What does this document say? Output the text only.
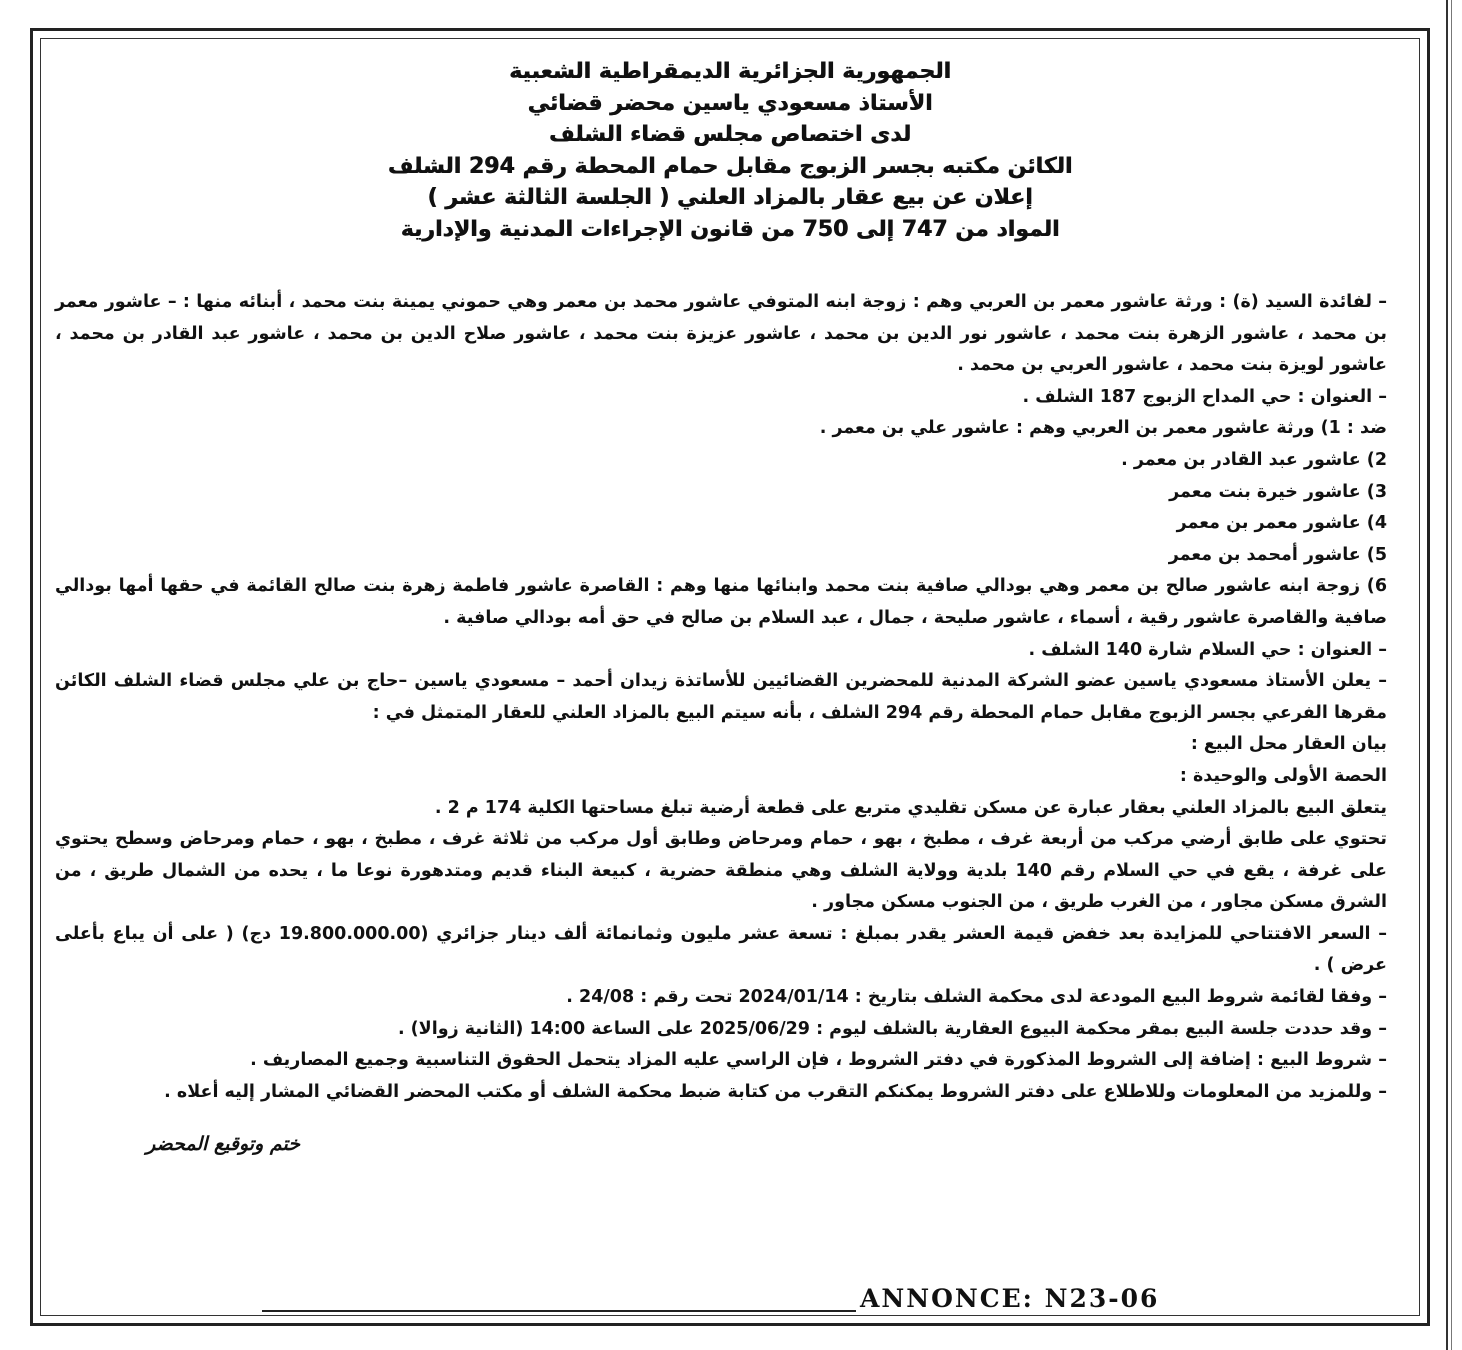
الجمهورية الجزائرية الديمقراطية الشعبية

الأستاذ مسعودي ياسين محضر قضائي

لدى اختصاص مجلس قضاء الشلف

الكائن مكتبه بجسر الزبوج مقابل حمام المحطة رقم 294 الشلف

إعلان عن بيع عقار بالمزاد العلني ( الجلسة الثالثة عشر )

المواد من 747 إلى 750 من قانون الإجراءات المدنية والإدارية

– لفائدة السيد (ة) : ورثة عاشور معمر بن العربي وهم : زوجة ابنه المتوفي عاشور محمد بن معمر وهي حموني يمينة بنت محمد ، أبنائه منها : – عاشور معمر بن محمد ، عاشور الزهرة بنت محمد ، عاشور نور الدين بن محمد ، عاشور عزيزة بنت محمد ، عاشور صلاح الدين بن محمد ، عاشور عبد القادر بن محمد ، عاشور لويزة بنت محمد ، عاشور العربي بن محمد .

– العنوان : حي المداح الزبوج 187 الشلف .

ضد : 1) ورثة عاشور معمر بن العربي وهم : عاشور علي بن معمر .

2) عاشور عبد القادر بن معمر .

3) عاشور خيرة بنت معمر

4) عاشور معمر بن معمر

5) عاشور أمحمد بن معمر

6) زوجة ابنه عاشور صالح بن معمر وهي بودالي صافية بنت محمد وابنائها منها وهم : القاصرة عاشور فاطمة زهرة بنت صالح القائمة في حقها أمها بودالي صافية والقاصرة عاشور رقية ، أسماء ، عاشور صليحة ، جمال ، عبد السلام بن صالح في حق أمه بودالي صافية .

– العنوان : حي السلام شارة 140 الشلف .

– يعلن الأستاذ مسعودي ياسين عضو الشركة المدنية للمحضرين القضائيين للأساتذة زيدان أحمد – مسعودي ياسين –حاج بن علي مجلس قضاء الشلف الكائن مقرها الفرعي بجسر الزبوج مقابل حمام المحطة رقم 294 الشلف ، بأنه سيتم البيع بالمزاد العلني للعقار المتمثل في :

بيان العقار محل البيع :

الحصة الأولى والوحيدة :

يتعلق البيع بالمزاد العلني بعقار عبارة عن مسكن تقليدي متربع على قطعة أرضية تبلغ مساحتها الكلية 174 م 2 .

تحتوي على طابق أرضي مركب من أربعة غرف ، مطبخ ، بهو ، حمام ومرحاض وطابق أول مركب من ثلاثة غرف ، مطبخ ، بهو ، حمام ومرحاض وسطح يحتوي على غرفة ، يقع في حي السلام رقم 140 بلدية وولاية الشلف وهي منطقة حضرية ، كبيعة البناء قديم ومتدهورة نوعا ما ، يحده من الشمال طريق ، من الشرق مسكن مجاور ، من الغرب طريق ، من الجنوب مسكن مجاور .

– السعر الافتتاحي للمزايدة بعد خفض قيمة العشر يقدر بمبلغ : تسعة عشر مليون وثمانمائة ألف دينار جزائري (19.800.000.00 دج) ( على أن يباع بأعلى عرض ) .

– وفقا لقائمة شروط البيع المودعة لدى محكمة الشلف بتاريخ : 2024/01/14 تحت رقم : 24/08 .

– وقد حددت جلسة البيع بمقر محكمة البيوع العقارية بالشلف ليوم : 2025/06/29 على الساعة 14:00 (الثانية زوالا) .

– شروط البيع : إضافة إلى الشروط المذكورة في دفتر الشروط ، فإن الراسي عليه المزاد يتحمل الحقوق التناسبية وجميع المصاريف .

– وللمزيد من المعلومات وللاطلاع على دفتر الشروط يمكنكم التقرب من كتابة ضبط محكمة الشلف أو مكتب المحضر القضائي المشار إليه أعلاه .

ختم وتوقيع المحضر
ANNONCE: N23-06
